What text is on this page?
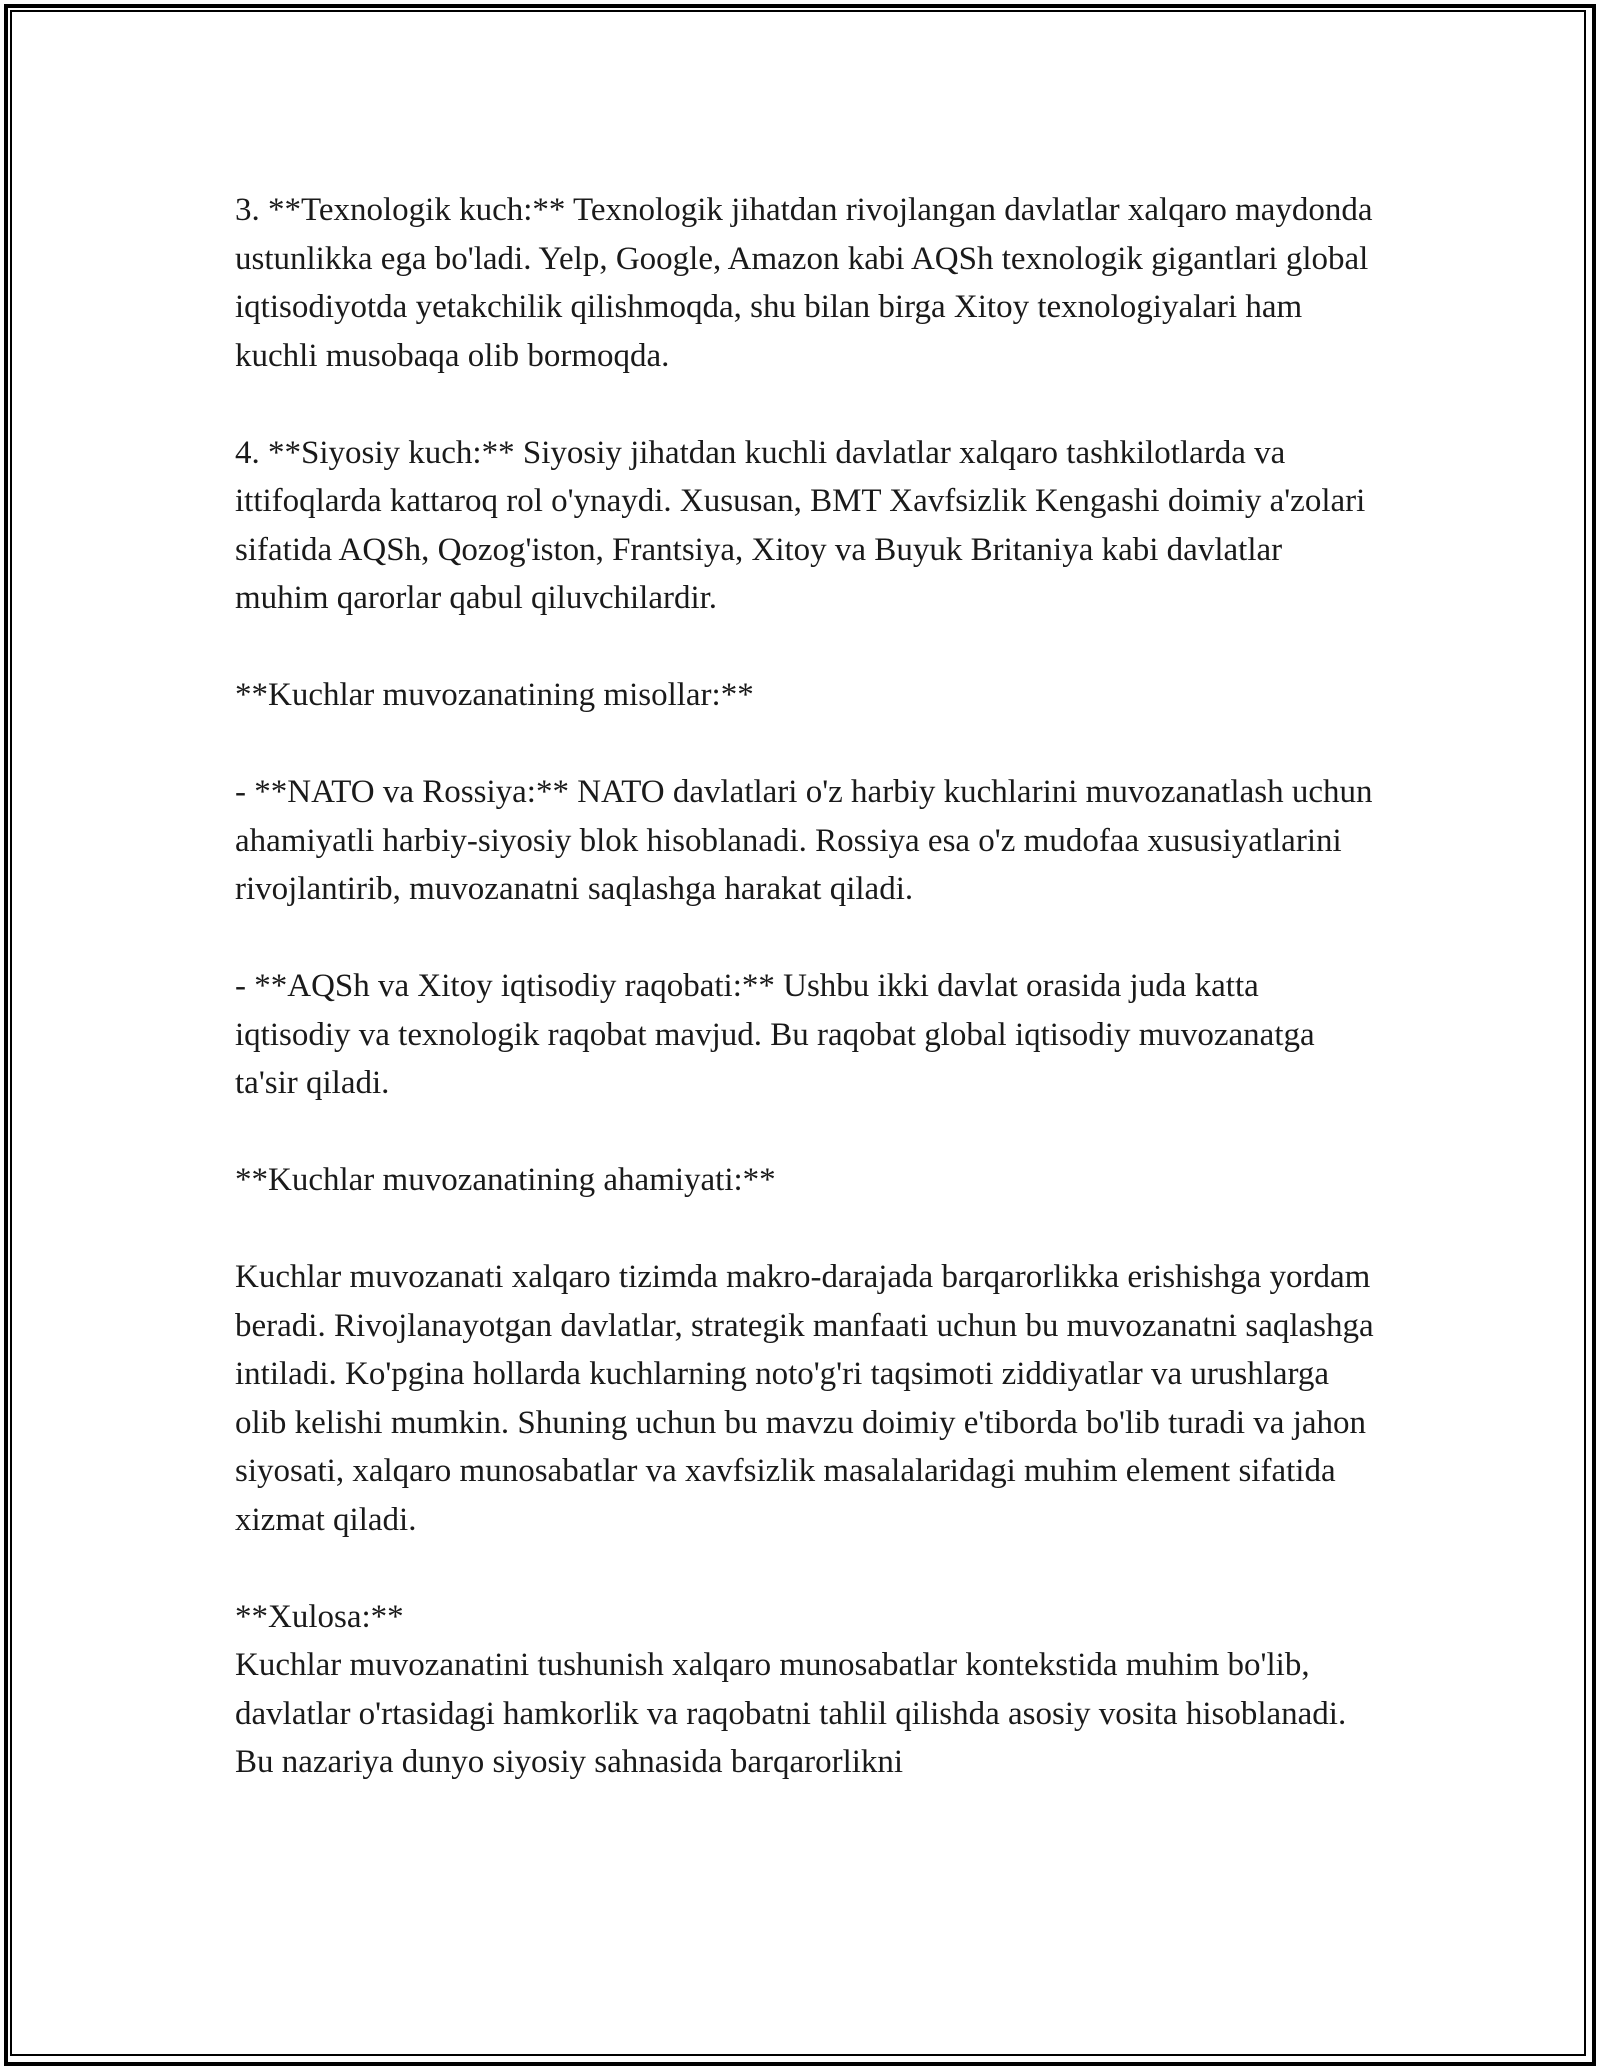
3. **Texnologik kuch:** Texnologik jihatdan rivojlangan davlatlar xalqaro maydonda ustunlikka ega bo'ladi. Yelp, Google, Amazon kabi AQSh texnologik gigantlari global iqtisodiyotda yetakchilik qilishmoqda, shu bilan birga Xitoy texnologiyalari ham kuchli musobaqa olib bormoqda.

4. **Siyosiy kuch:** Siyosiy jihatdan kuchli davlatlar xalqaro tashkilotlarda va ittifoqlarda kattaroq rol o'ynaydi. Xususan, BMT Xavfsizlik Kengashi doimiy a'zolari sifatida AQSh, Qozog'iston, Frantsiya, Xitoy va Buyuk Britaniya kabi davlatlar muhim qarorlar qabul qiluvchilardir.

**Kuchlar muvozanatining misollar:**

- **NATO va Rossiya:** NATO davlatlari o'z harbiy kuchlarini muvozanatlash uchun ahamiyatli harbiy-siyosiy blok hisoblanadi. Rossiya esa o'z mudofaa xususiyatlarini rivojlantirib, muvozanatni saqlashga harakat qiladi.

- **AQSh va Xitoy iqtisodiy raqobati:** Ushbu ikki davlat orasida juda katta iqtisodiy va texnologik raqobat mavjud. Bu raqobat global iqtisodiy muvozanatga ta'sir qiladi.

**Kuchlar muvozanatining ahamiyati:**

Kuchlar muvozanati xalqaro tizimda makro-darajada barqarorlikka erishishga yordam beradi. Rivojlanayotgan davlatlar, strategik manfaati uchun bu muvozanatni saqlashga intiladi. Ko'pgina hollarda kuchlarning noto'g'ri taqsimoti ziddiyatlar va urushlarga olib kelishi mumkin. Shuning uchun bu mavzu doimiy e'tiborda bo'lib turadi va jahon siyosati, xalqaro munosabatlar va xavfsizlik masalalaridagi muhim element sifatida xizmat qiladi.

**Xulosa:**

Kuchlar muvozanatini tushunish xalqaro munosabatlar kontekstida muhim bo'lib, davlatlar o'rtasidagi hamkorlik va raqobatni tahlil qilishda asosiy vosita hisoblanadi. Bu nazariya dunyo siyosiy sahnasida barqarorlikni
